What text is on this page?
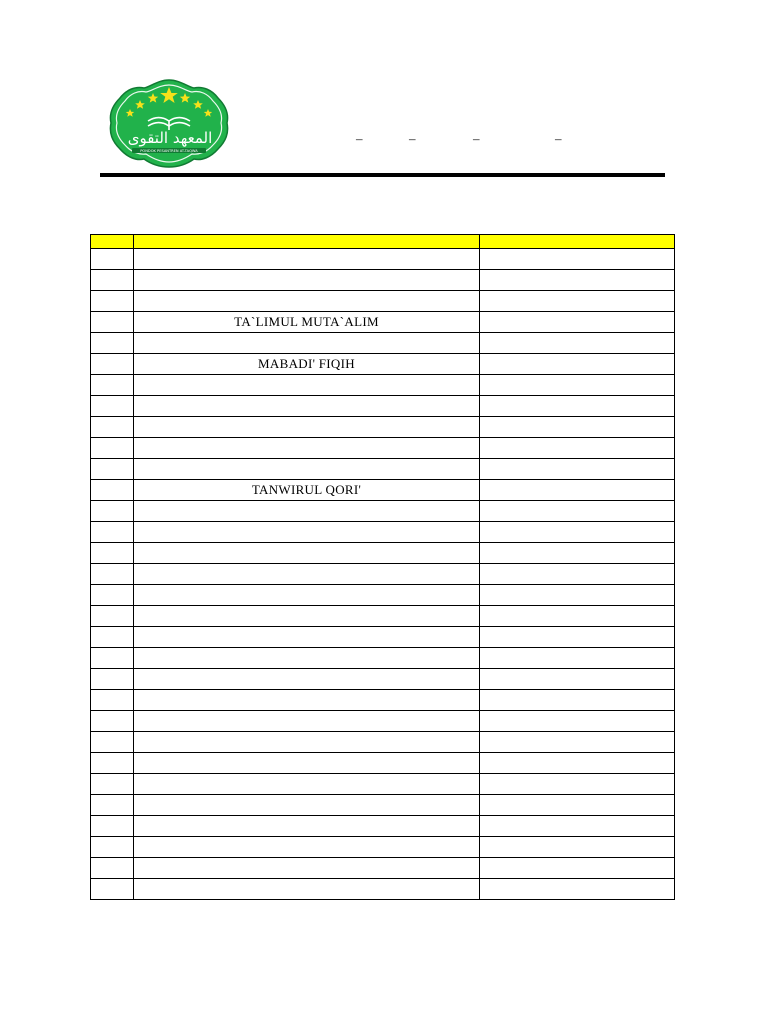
المعهد التقوى
PONDOK PESANTREN AT-TAQWA
–	–	–	–

	TA`LIMUL MUTA`ALIM	

	MABADI' FIQIH	

	TANWIRUL QORI'	
